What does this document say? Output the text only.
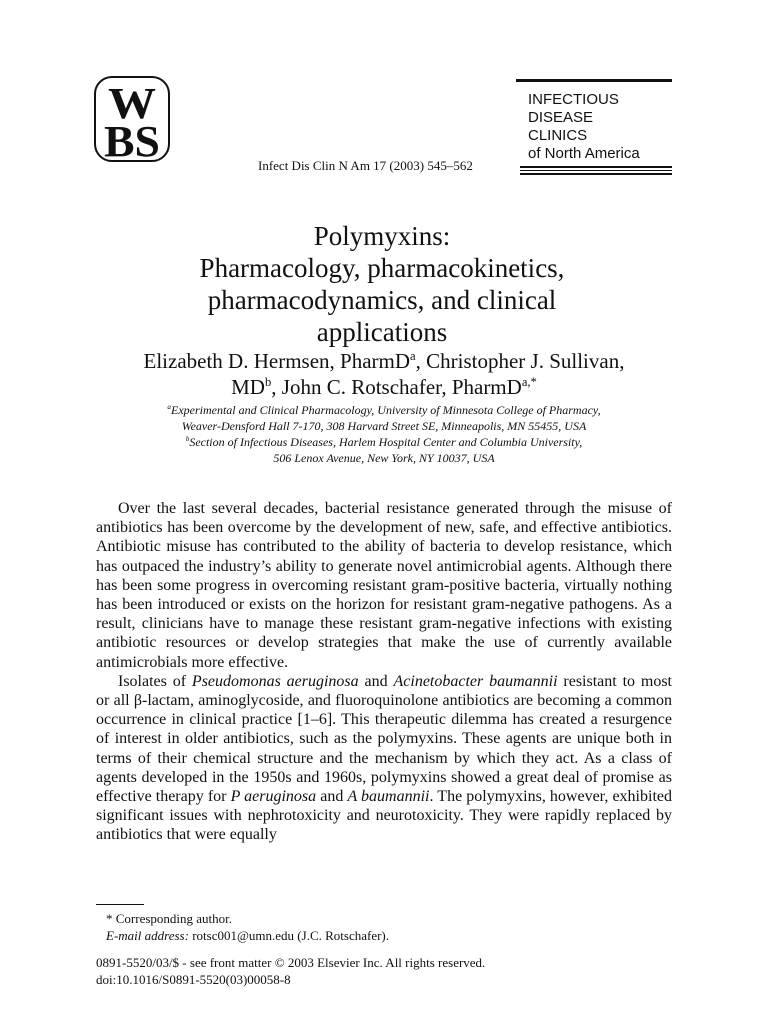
W
BS
INFECTIOUS
DISEASE
CLINICS
of North America
Infect Dis Clin N Am 17 (2003) 545–562
Polymyxins:
Pharmacology, pharmacokinetics,
pharmacodynamics, and clinical
applications
Elizabeth D. Hermsen, PharmD$^a$, Christopher J. Sullivan,
$MD^b$, John C. Rotschafer, PharmD$^{a,*}$
$^a$Experimental and Clinical Pharmacology, University of Minnesota College of Pharmacy,
Weaver-Densford Hall 7-170, 308 Harvard Street SE, Minneapolis, MN 55455, USA
$^b$Section of Infectious Diseases, Harlem Hospital Center and Columbia University,
506 Lenox Avenue, New York, NY 10037, USA

Over the last several decades, bacterial resistance generated through the misuse of antibiotics has been overcome by the development of new, safe, and effective antibiotics. Antibiotic misuse has contributed to the ability of bacteria to develop resistance, which has outpaced the industry’s ability to generate novel antimicrobial agents. Although there has been some progress in overcoming resistant gram-positive bacteria, virtually nothing has been introduced or exists on the horizon for resistant gram-negative pathogens. As a result, clinicians have to manage these resistant gram-negative infections with existing antibiotic resources or develop strategies that make the use of currently available antimicrobials more effective.

Isolates of Pseudomonas aeruginosa and Acinetobacter baumannii resistant to most or all β-lactam, aminoglycoside, and fluoroquinolone antibiotics are becoming a common occurrence in clinical practice [1–6]. This therapeutic dilemma has created a resurgence of interest in older antibiotics, such as the polymyxins. These agents are unique both in terms of their chemical structure and the mechanism by which they act. As a class of agents developed in the 1950s and 1960s, polymyxins showed a great deal of promise as effective therapy for P aeruginosa and A baumannii. The polymyxins, however, exhibited significant issues with nephrotoxicity and neurotoxicity. They were rapidly replaced by antibiotics that were equally

* Corresponding author.
E-mail address: rotsc001@umn.edu (J.C. Rotschafer).
0891-5520/03/$ - see front matter © 2003 Elsevier Inc. All rights reserved.
doi:10.1016/S0891-5520(03)00058-8
